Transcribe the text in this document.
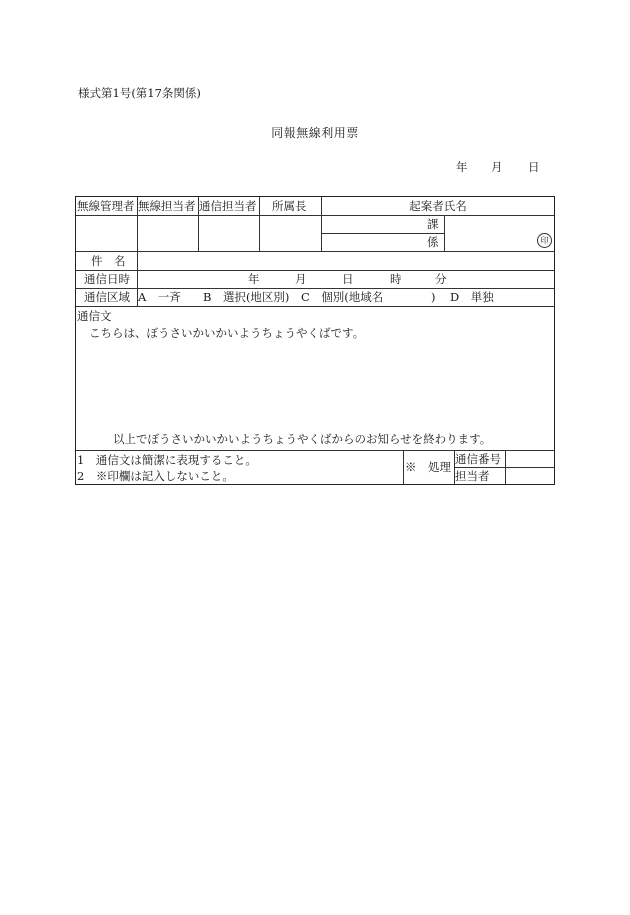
様式第1号(第17条関係)
同報無線利用票
年 月 日
無線管理者 無線担当者 通信担当者 所属長	起案者氏名
課
係	印
件　名
通信日時	年	月	日	時	分
通信区域 A　一斉 B　選択(地区別) C　個別(地域名	) D　単独
通信文
こちらは、ぼうさいかいかいようちょうやくばです。
以上でぼうさいかいかいようちょうやくばからのお知らせを終わります。
1　通信文は簡潔に表現すること。
2　※印欄は記入しないこと。
※　処理
通信番号
担当者
